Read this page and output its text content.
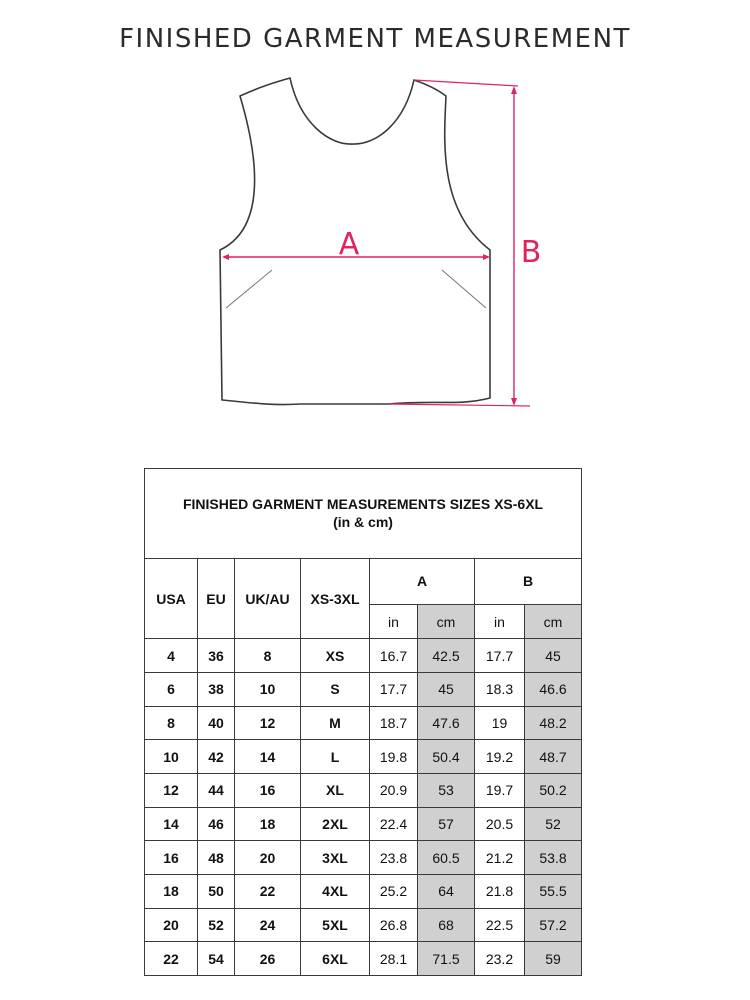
FINISHED GARMENT MEASUREMENT
A	B
FINISHED GARMENT MEASUREMENTS SIZES XS-6XL
(in & cm)							

USA	EU	UK/AU	XS-3XL	A		B	
				in	cm	in	cm
4	36	8	XS	16.7	42.5	17.7	45
6	38	10	S	17.7	45	18.3	46.6
8	40	12	M	18.7	47.6	19	48.2
10	42	14	L	19.8	50.4	19.2	48.7
12	44	16	XL	20.9	53	19.7	50.2
14	46	18	2XL	22.4	57	20.5	52
16	48	20	3XL	23.8	60.5	21.2	53.8
18	50	22	4XL	25.2	64	21.8	55.5
20	52	24	5XL	26.8	68	22.5	57.2
22	54	26	6XL	28.1	71.5	23.2	59
